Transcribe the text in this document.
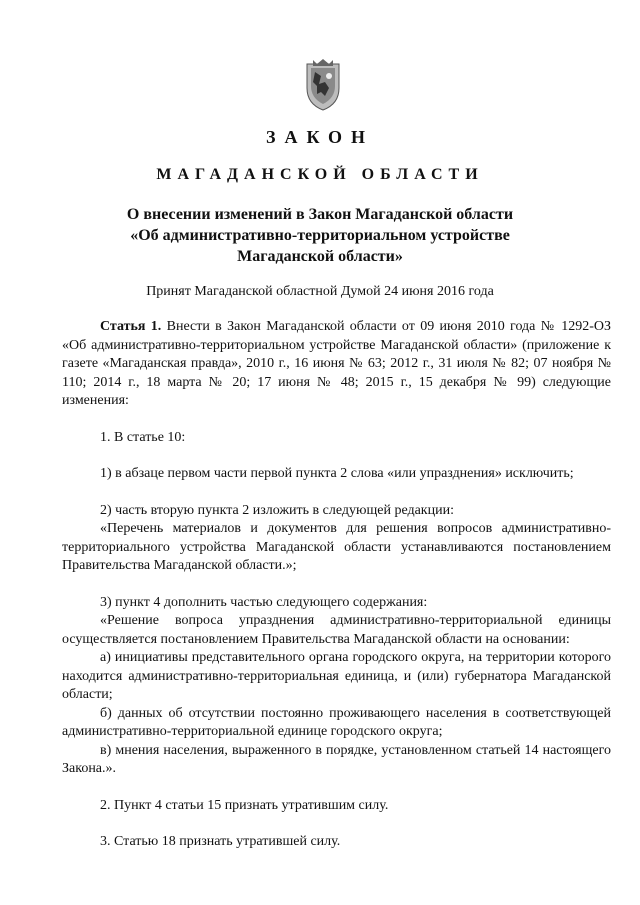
ЗАКОН
МАГАДАНСКОЙ ОБЛАСТИ
О внесении изменений в Закон Магаданской области
«Об административно-территориальном устройстве
Магаданской области»
Принят Магаданской областной Думой 24 июня 2016 года

Статья 1. Внести в Закон Магаданской области от 09 июня 2010 года № 1292-ОЗ «Об административно-территориальном устройстве Магаданской области» (приложение к газете «Магаданская правда», 2010 г., 16 июня № 63; 2012 г., 31 июля № 82; 07 ноября № 110; 2014 г., 18 марта № 20; 17 июня № 48; 2015 г., 15 декабря № 99) следующие изменения:

1. В статье 10:

1) в абзаце первом части первой пункта 2 слова «или упразднения» исключить;

2) часть вторую пункта 2 изложить в следующей редакции:

«Перечень материалов и документов для решения вопросов административно-территориального устройства Магаданской области устанавливаются постановлением Правительства Магаданской области.»;

3) пункт 4 дополнить частью следующего содержания:

«Решение вопроса упразднения административно-территориальной единицы осуществляется постановлением Правительства Магаданской области на основании:

а) инициативы представительного органа городского округа, на территории которого находится административно-территориальная единица, и (или) губернатора Магаданской области;

б) данных об отсутствии постоянно проживающего населения в соответствующей административно-территориальной единице городского округа;

в) мнения населения, выраженного в порядке, установленном статьей 14 настоящего Закона.».

2. Пункт 4 статьи 15 признать утратившим силу.

3. Статью 18 признать утратившей силу.
